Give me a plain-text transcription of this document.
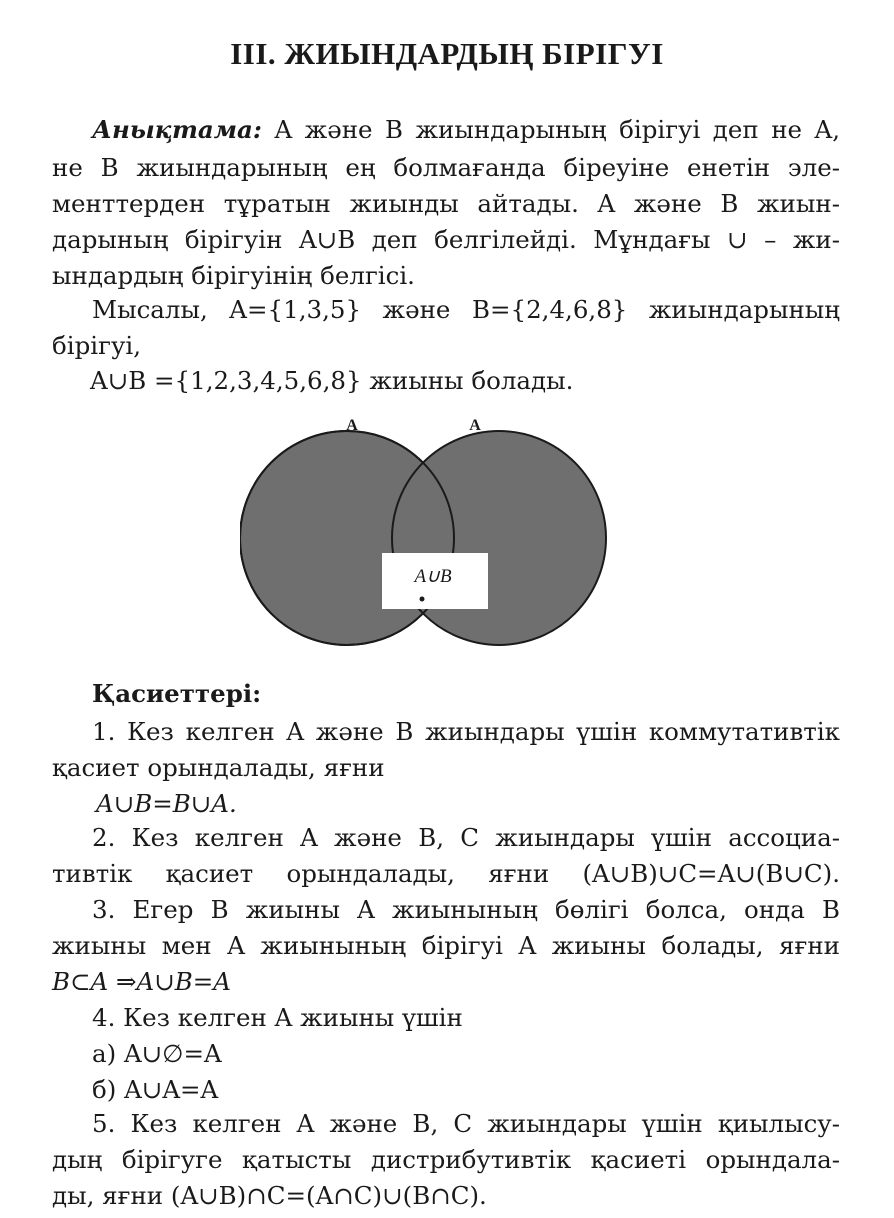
ІІІ. ЖИЫНДАРДЫҢ БІРІГУІ
Анықтама: A және B жиындарының бірігуі деп не A,
не B жиындарының ең болмағанда біреуіне енетін эле-
менттерден тұратын жиынды айтады. A және B жиын-
дарының бірігуін A∪B деп белгілейді. Мұндағы ∪ – жи-
ындардың бірігуінің белгісі.
Мысалы, A={1,3,5} және B={2,4,6,8} жиындарының
бірігуі,
A∪B ={1,2,3,4,5,6,8} жиыны болады.
A	A
A∪B
Қасиеттері:
1. Кез келген A және B жиындары үшін коммутативтік
қасиет орындалады, яғни
A∪B=B∪A.
2. Кез келген A және B, C жиындары үшін ассоциа-
тивтік қасиет орындалады, яғни (A∪B)∪C=A∪(B∪C).
3. Егер B жиыны A жиынының бөлігі болса, онда B
жиыны мен A жиынының бірігуі A жиыны болады, яғни
B⊂A ⇒A∪B=A
4. Кез келген A жиыны үшін
а) A∪∅=A
б) A∪A=A
5. Кез келген A және B, C жиындары үшін қиылысу-
дың бірігуге қатысты дистрибутивтік қасиеті орындала-
ды, яғни (A∪B)∩C=(A∩C)∪(B∩C).
